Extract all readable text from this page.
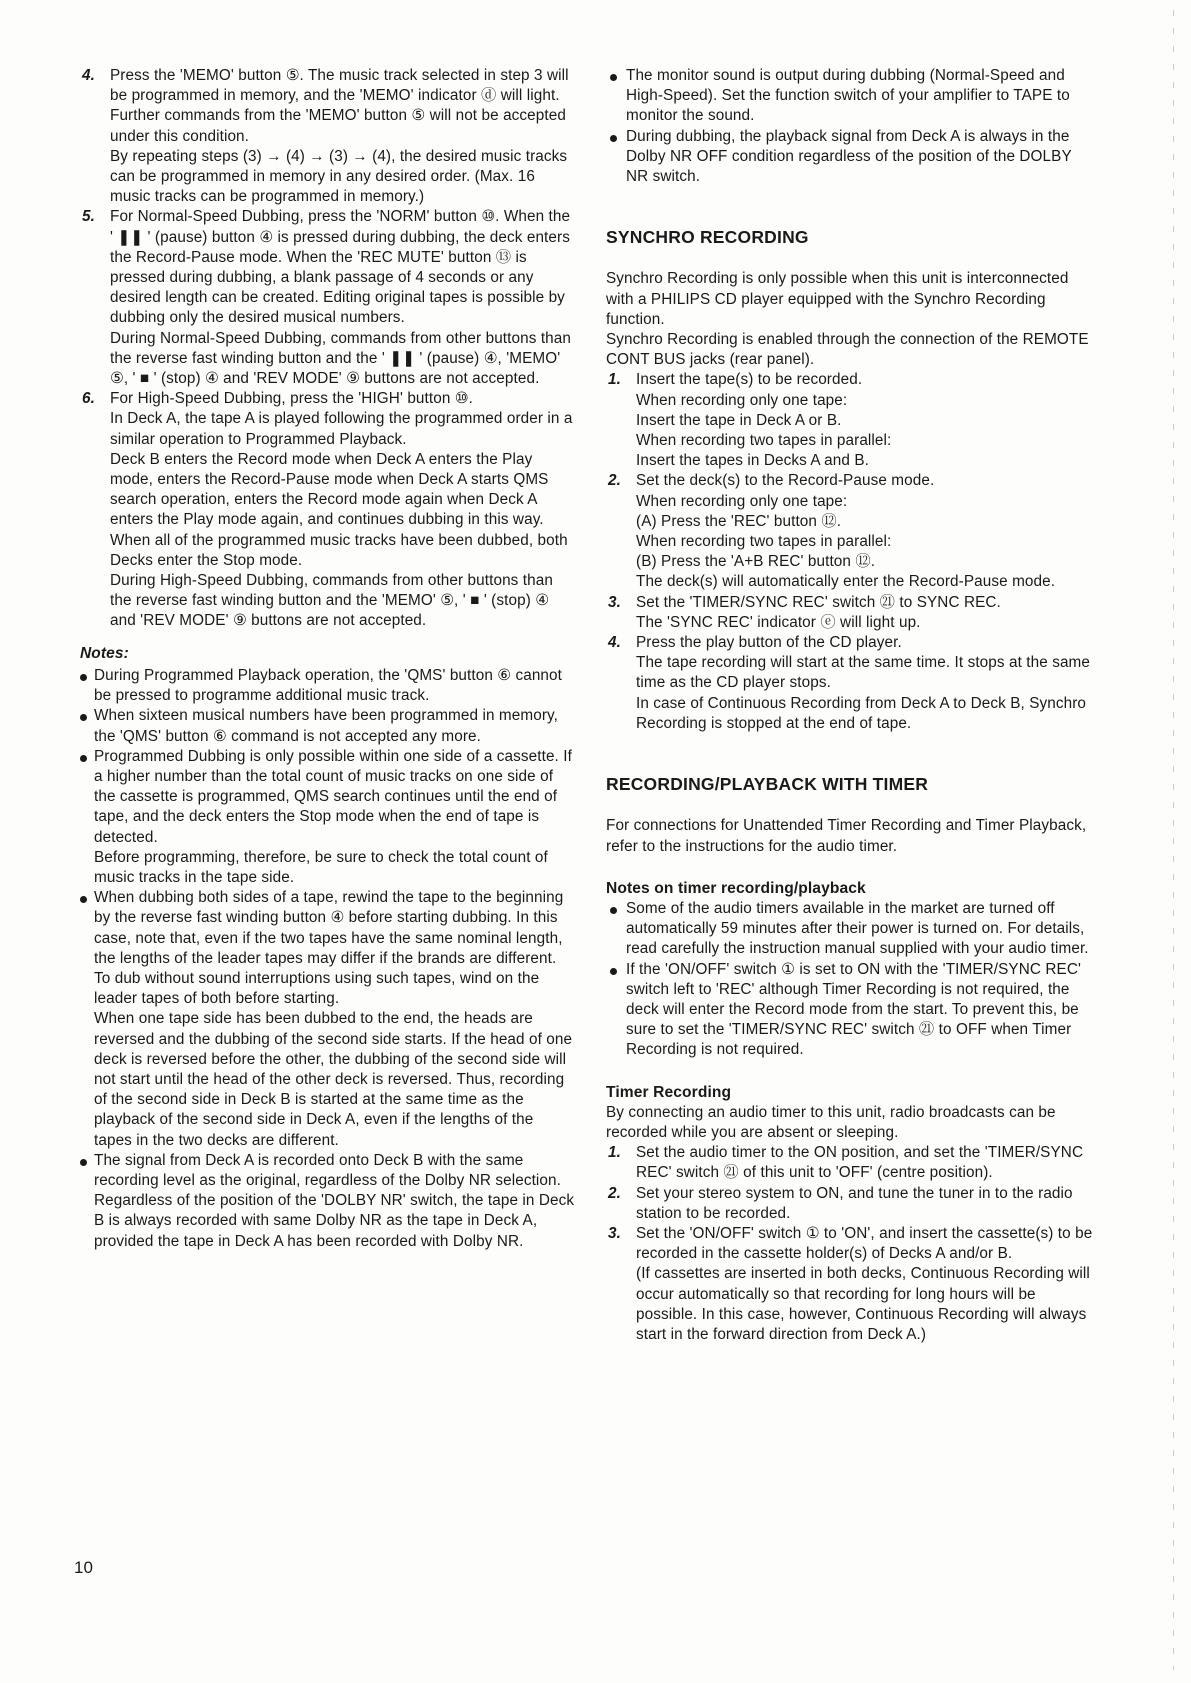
4. Press the 'MEMO' button ⑤. The music track selected in step 3 will be programmed in memory, and the 'MEMO' indicator ⓓ will light. Further commands from the 'MEMO' button ⑤ will not be accepted under this condition.

By repeating steps (3) → (4) → (3) → (4), the desired music tracks can be programmed in memory in any desired order. (Max. 16 music tracks can be programmed in memory.)

5. For Normal-Speed Dubbing, press the 'NORM' button ⑩. When the ' ❚❚ ' (pause) button ④ is pressed during dubbing, the deck enters the Record-Pause mode. When the 'REC MUTE' button ⑬ is pressed during dubbing, a blank passage of 4 seconds or any desired length can be created. Editing original tapes is possible by dubbing only the desired musical numbers.

During Normal-Speed Dubbing, commands from other buttons than the reverse fast winding button and the ' ❚❚ ' (pause) ④, 'MEMO' ⑤, ' ■ ' (stop) ④ and 'REV MODE' ⑨ buttons are not accepted.

6. For High-Speed Dubbing, press the 'HIGH' button ⑩.

In Deck A, the tape A is played following the programmed order in a similar operation to Programmed Playback.

Deck B enters the Record mode when Deck A enters the Play mode, enters the Record-Pause mode when Deck A starts QMS search operation, enters the Record mode again when Deck A enters the Play mode again, and continues dubbing in this way.

When all of the programmed music tracks have been dubbed, both Decks enter the Stop mode.

During High-Speed Dubbing, commands from other buttons than the reverse fast winding button and the 'MEMO' ⑤, ' ■ ' (stop) ④ and 'REV MODE' ⑨ buttons are not accepted.

Notes:

During Programmed Playback operation, the 'QMS' button ⑥ cannot be pressed to programme additional music track.

When sixteen musical numbers have been programmed in memory, the 'QMS' button ⑥ command is not accepted any more.

Programmed Dubbing is only possible within one side of a cassette. If a higher number than the total count of music tracks on one side of the cassette is programmed, QMS search continues until the end of tape, and the deck enters the Stop mode when the end of tape is detected.

Before programming, therefore, be sure to check the total count of music tracks in the tape side.

When dubbing both sides of a tape, rewind the tape to the beginning by the reverse fast winding button ④ before starting dubbing. In this case, note that, even if the two tapes have the same nominal length, the lengths of the leader tapes may differ if the brands are different.

To dub without sound interruptions using such tapes, wind on the leader tapes of both before starting.

When one tape side has been dubbed to the end, the heads are reversed and the dubbing of the second side starts. If the head of one deck is reversed before the other, the dubbing of the second side will not start until the head of the other deck is reversed. Thus, recording of the second side in Deck B is started at the same time as the playback of the second side in Deck A, even if the lengths of the tapes in the two decks are different.

The signal from Deck A is recorded onto Deck B with the same recording level as the original, regardless of the Dolby NR selection.

Regardless of the position of the 'DOLBY NR' switch, the tape in Deck B is always recorded with same Dolby NR as the tape in Deck A, provided the tape in Deck A has been recorded with Dolby NR.

The monitor sound is output during dubbing (Normal-Speed and High-Speed). Set the function switch of your amplifier to TAPE to monitor the sound.

During dubbing, the playback signal from Deck A is always in the Dolby NR OFF condition regardless of the position of the DOLBY NR switch.

SYNCHRO RECORDING

Synchro Recording is only possible when this unit is interconnected with a PHILIPS CD player equipped with the Synchro Recording function.

Synchro Recording is enabled through the connection of the REMOTE CONT BUS jacks (rear panel).

1. Insert the tape(s) to be recorded.

When recording only one tape:

Insert the tape in Deck A or B.

When recording two tapes in parallel:

Insert the tapes in Decks A and B.

2. Set the deck(s) to the Record-Pause mode.

When recording only one tape:

(A) Press the 'REC' button ⑫.

When recording two tapes in parallel:

(B) Press the 'A+B REC' button ⑫.

The deck(s) will automatically enter the Record-Pause mode.

3. Set the 'TIMER/SYNC REC' switch ㉑ to SYNC REC.

The 'SYNC REC' indicator ⓔ will light up.

4. Press the play button of the CD player.

The tape recording will start at the same time. It stops at the same time as the CD player stops.

In case of Continuous Recording from Deck A to Deck B, Synchro Recording is stopped at the end of tape.

RECORDING/PLAYBACK WITH TIMER

For connections for Unattended Timer Recording and Timer Playback, refer to the instructions for the audio timer.

Notes on timer recording/playback

Some of the audio timers available in the market are turned off automatically 59 minutes after their power is turned on. For details, read carefully the instruction manual supplied with your audio timer.

If the 'ON/OFF' switch ① is set to ON with the 'TIMER/SYNC REC' switch left to 'REC' although Timer Recording is not required, the deck will enter the Record mode from the start. To prevent this, be sure to set the 'TIMER/SYNC REC' switch ㉑ to OFF when Timer Recording is not required.

Timer Recording

By connecting an audio timer to this unit, radio broadcasts can be recorded while you are absent or sleeping.

1. Set the audio timer to the ON position, and set the 'TIMER/SYNC REC' switch ㉑ of this unit to 'OFF' (centre position).

2. Set your stereo system to ON, and tune the tuner in to the radio station to be recorded.

3. Set the 'ON/OFF' switch ① to 'ON', and insert the cassette(s) to be recorded in the cassette holder(s) of Decks A and/or B.

(If cassettes are inserted in both decks, Continuous Recording will occur automatically so that recording for long hours will be possible. In this case, however, Continuous Recording will always start in the forward direction from Deck A.)

10
